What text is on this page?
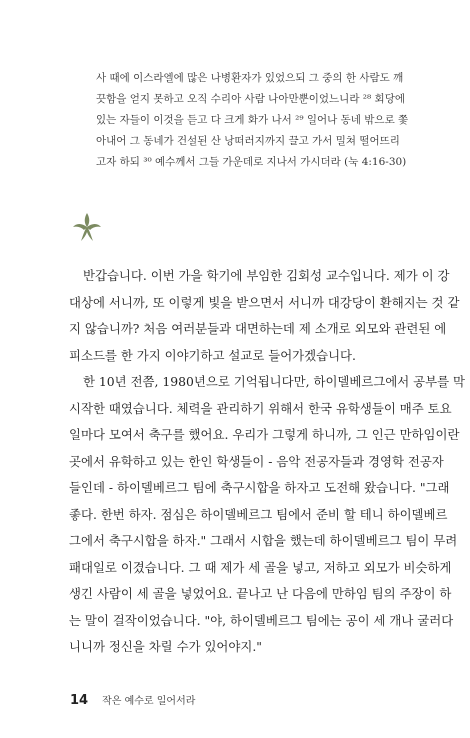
사 때에 이스라엘에 많은 나병환자가 있었으되 그 중의 한 사람도 깨
끗함을 얻지 못하고 오직 수리아 사람 나아만뿐이었느니라 ²⁸ 회당에
있는 자들이 이것을 듣고 다 크게 화가 나서 ²⁹ 일어나 동네 밖으로 쫓
아내어 그 동네가 건설된 산 낭떠러지까지 끌고 가서 밀쳐 떨어뜨리
고자 하되 ³⁰ 예수께서 그들 가운데로 지나서 가시더라 (눅 4:16-30)
반갑습니다. 이번 가을 학기에 부임한 김회성 교수입니다. 제가 이 강
대상에 서니까, 또 이렇게 빛을 받으면서 서니까 대강당이 환해지는 것 같
지 않습니까? 처음 여러분들과 대면하는데 제 소개로 외모와 관련된 에
피소드를 한 가지 이야기하고 설교로 들어가겠습니다.
한 10년 전쯤, 1980년으로 기억됩니다만, 하이델베르그에서 공부를 막
시작한 때였습니다. 체력을 관리하기 위해서 한국 유학생들이 매주 토요
일마다 모여서 축구를 했어요. 우리가 그렇게 하니까, 그 인근 만하임이란
곳에서 유학하고 있는 한인 학생들이 - 음악 전공자들과 경영학 전공자
들인데 - 하이델베르그 팀에 축구시합을 하자고 도전해 왔습니다. "그래
좋다. 한번 하자. 점심은 하이델베르그 팀에서 준비 할 테니 하이델베르
그에서 축구시합을 하자." 그래서 시합을 했는데 하이델베르그 팀이 무려
패대일로 이겼습니다. 그 때 제가 세 골을 넣고, 저하고 외모가 비슷하게
생긴 사람이 세 골을 넣었어요. 끝나고 난 다음에 만하임 팀의 주장이 하
는 말이 걸작이었습니다. "야, 하이델베르그 팀에는 공이 세 개나 굴러다
니니까 정신을 차릴 수가 있어야지."
14 작은 예수로 일어서라
